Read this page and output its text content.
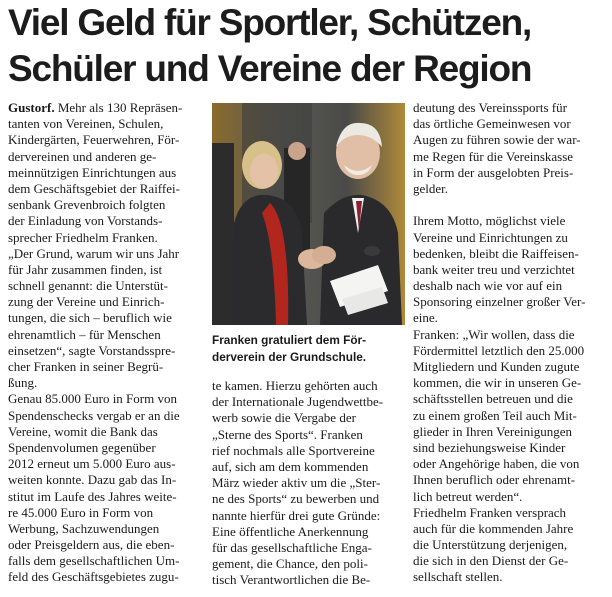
Viel Geld für Sportler, Schützen,
Schüler und Vereine der Region
Gustorf. Mehr als 130 Repräsen-
tanten von Vereinen, Schulen,
Kindergärten, Feuerwehren, För-
dervereinen und anderen ge-
meinnützigen Einrichtungen aus
dem Geschäftsgebiet der Raiffei-
senbank Grevenbroich folgten
der Einladung von Vorstands-
sprecher Friedhelm Franken.
„Der Grund, warum wir uns Jahr
für Jahr zusammen finden, ist
schnell genannt: die Unterstüt-
zung der Vereine und Einrich-
tungen, die sich – beruflich wie
ehrenamtlich – für Menschen
einsetzen“, sagte Vorstandsspre-
cher Franken in seiner Begrü-
ßung.
Genau 85.000 Euro in Form von
Spendenschecks vergab er an die
Vereine, womit die Bank das
Spendenvolumen gegenüber
2012 erneut um 5.000 Euro aus-
weiten konnte. Dazu gab das In-
stitut im Laufe des Jahres weite-
re 45.000 Euro in Form von
Werbung, Sachzuwendungen
oder Preisgeldern aus, die eben-
falls dem gesellschaftlichen Um-
feld des Geschäftsgebietes zugu-
Franken gratuliert dem För-
derverein der Grundschule.
te kamen. Hierzu gehörten auch
der Internationale Jugendwettbe-
werb sowie die Vergabe der
„Sterne des Sports“. Franken
rief nochmals alle Sportvereine
auf, sich am dem kommenden
März wieder aktiv um die „Ster-
ne des Sports“ zu bewerben und
nannte hierfür drei gute Gründe:
Eine öffentliche Anerkennung
für das gesellschaftliche Enga-
gement, die Chance, den poli-
tisch Verantwortlichen die Be-
deutung des Vereinssports für
das örtliche Gemeinwesen vor
Augen zu führen sowie der war-
me Regen für die Vereinskasse
in Form der ausgelobten Preis-
gelder.
Ihrem Motto, möglichst viele
Vereine und Einrichtungen zu
bedenken, bleibt die Raiffeisen-
bank weiter treu und verzichtet
deshalb nach wie vor auf ein
Sponsoring einzelner großer Ver-
eine.
Franken: „Wir wollen, dass die
Fördermittel letztlich den 25.000
Mitgliedern und Kunden zugute
kommen, die wir in unseren Ge-
schäftsstellen betreuen und die
zu einem großen Teil auch Mit-
glieder in Ihren Vereinigungen
sind beziehungsweise Kinder
oder Angehörige haben, die von
Ihnen beruflich oder ehrenamt-
lich betreut werden“.
Friedhelm Franken versprach
auch für die kommenden Jahre
die Unterstützung derjenigen,
die sich in den Dienst der Ge-
sellschaft stellen.
